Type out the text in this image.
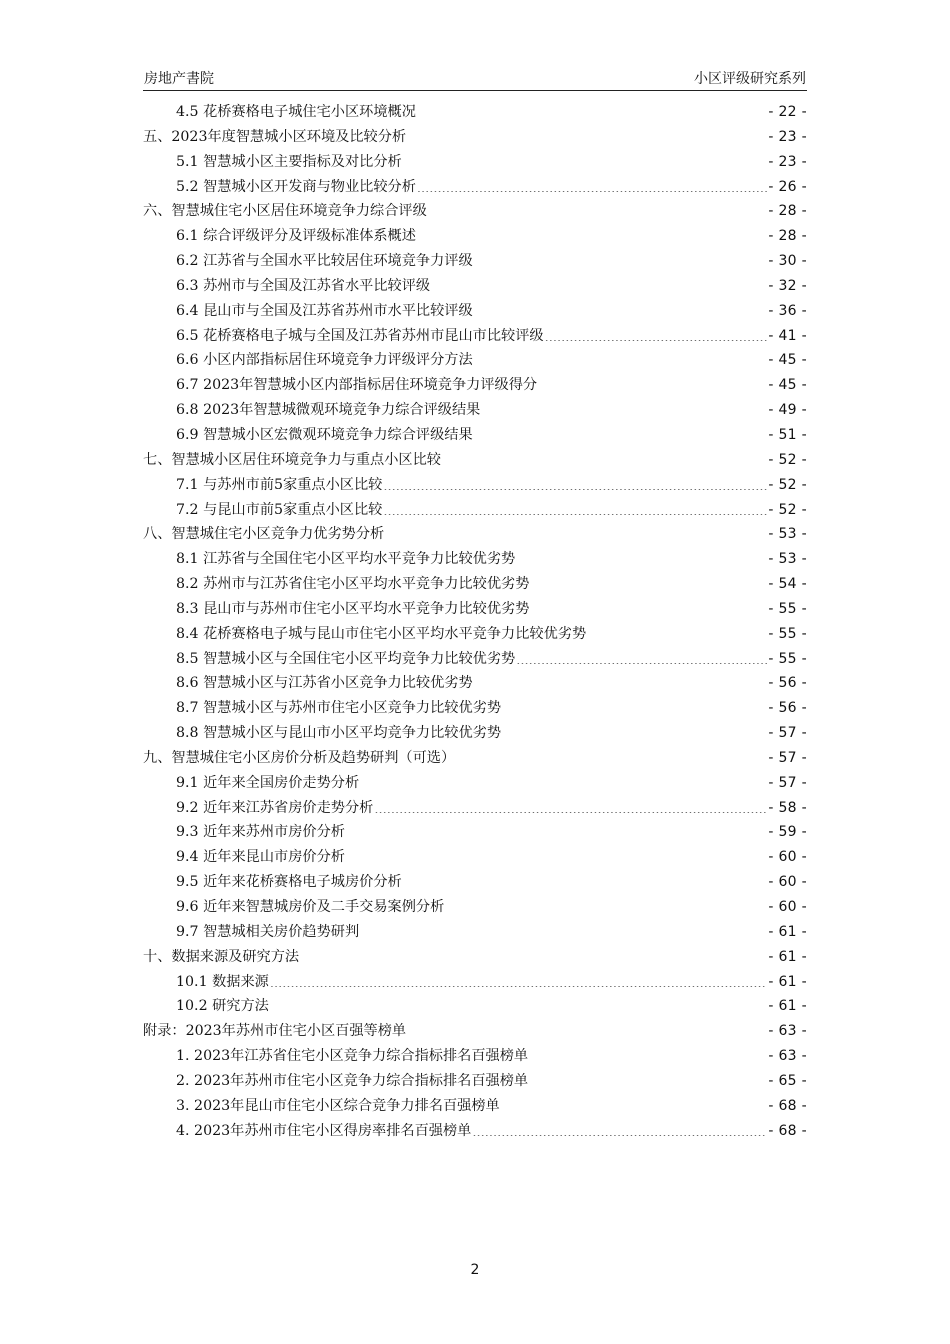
房地产書院	小区评级研究系列
4.5 花桥赛格电子城住宅小区环境概况 .....	- 22 -
五、2023年度智慧城小区环境及比较分析 .....	- 23 -
5.1 智慧城小区主要指标及对比分析 .....	- 23 -
5.2 智慧城小区开发商与物业比较分析 .....	- 26 -
六、智慧城住宅小区居住环境竞争力综合评级 .....	- 28 -
6.1 综合评级评分及评级标准体系概述 .....	- 28 -
6.2 江苏省与全国水平比较居住环境竞争力评级 .....	- 30 -
6.3 苏州市与全国及江苏省水平比较评级 .....	- 32 -
6.4 昆山市与全国及江苏省苏州市水平比较评级 .....	- 36 -
6.5 花桥赛格电子城与全国及江苏省苏州市昆山市比较评级 .....	- 41 -
6.6 小区内部指标居住环境竞争力评级评分方法 .....	- 45 -
6.7 2023年智慧城小区内部指标居住环境竞争力评级得分 .....	- 45 -
6.8 2023年智慧城微观环境竞争力综合评级结果 .....	- 49 -
6.9 智慧城小区宏微观环境竞争力综合评级结果 .....	- 51 -
七、智慧城小区居住环境竞争力与重点小区比较 .....	- 52 -
7.1 与苏州市前5家重点小区比较 .....	- 52 -
7.2 与昆山市前5家重点小区比较 .....	- 52 -
八、智慧城住宅小区竞争力优劣势分析 .....	- 53 -
8.1 江苏省与全国住宅小区平均水平竞争力比较优劣势 .....	- 53 -
8.2 苏州市与江苏省住宅小区平均水平竞争力比较优劣势 .....	- 54 -
8.3 昆山市与苏州市住宅小区平均水平竞争力比较优劣势 .....	- 55 -
8.4 花桥赛格电子城与昆山市住宅小区平均水平竞争力比较优劣势 .....	- 55 -
8.5 智慧城小区与全国住宅小区平均竞争力比较优劣势 .....	- 55 -
8.6 智慧城小区与江苏省小区竞争力比较优劣势 .....	- 56 -
8.7 智慧城小区与苏州市住宅小区竞争力比较优劣势 .....	- 56 -
8.8 智慧城小区与昆山市小区平均竞争力比较优劣势 .....	- 57 -
九、智慧城住宅小区房价分析及趋势研判（可选） .....	- 57 -
9.1 近年来全国房价走势分析 .....	- 57 -
9.2 近年来江苏省房价走势分析 .....	- 58 -
9.3 近年来苏州市房价分析 .....	- 59 -
9.4 近年来昆山市房价分析 .....	- 60 -
9.5 近年来花桥赛格电子城房价分析 .....	- 60 -
9.6 近年来智慧城房价及二手交易案例分析 .....	- 60 -
9.7 智慧城相关房价趋势研判 .....	- 61 -
十、数据来源及研究方法 .....	- 61 -
10.1 数据来源 .....	- 61 -
10.2 研究方法 .....	- 61 -
附录：2023年苏州市住宅小区百强等榜单 .....	- 63 -
1. 2023年江苏省住宅小区竞争力综合指标排名百强榜单 .....	- 63 -
2. 2023年苏州市住宅小区竞争力综合指标排名百强榜单 .....	- 65 -
3. 2023年昆山市住宅小区综合竞争力排名百强榜单 .....	- 68 -
4. 2023年苏州市住宅小区得房率排名百强榜单 .....	- 68 -
2
